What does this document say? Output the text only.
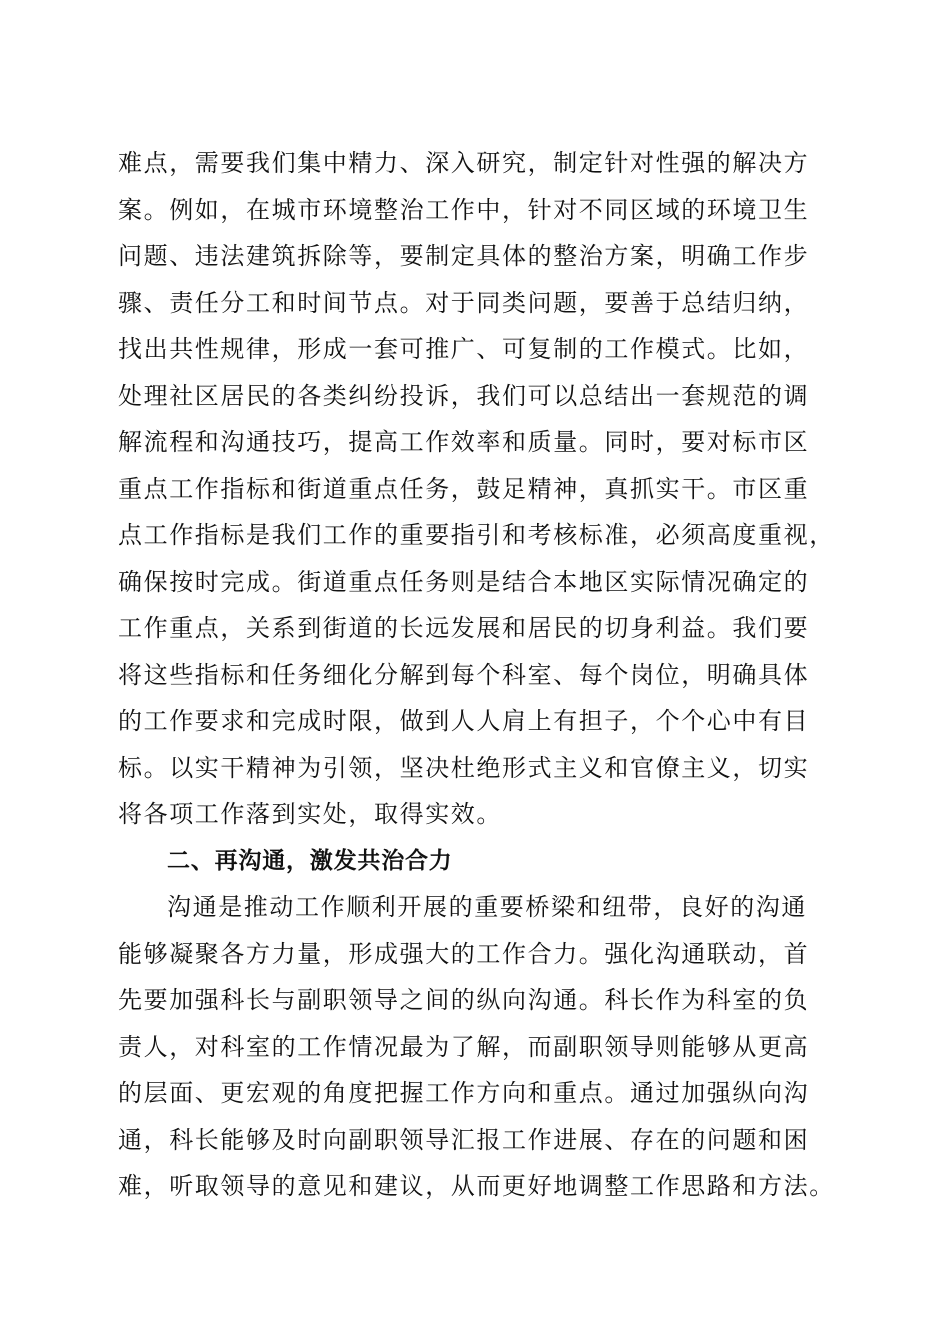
难点，需要我们集中精力、深入研究，制定针对性强的解决方
案。例如，在城市环境整治工作中，针对不同区域的环境卫生
问题、违法建筑拆除等，要制定具体的整治方案，明确工作步
骤、责任分工和时间节点。对于同类问题，要善于总结归纳，
找出共性规律，形成一套可推广、可复制的工作模式。比如，
处理社区居民的各类纠纷投诉，我们可以总结出一套规范的调
解流程和沟通技巧，提高工作效率和质量。同时，要对标市区
重点工作指标和街道重点任务，鼓足精神，真抓实干。市区重
点工作指标是我们工作的重要指引和考核标准，必须高度重视，
确保按时完成。街道重点任务则是结合本地区实际情况确定的
工作重点，关系到街道的长远发展和居民的切身利益。我们要
将这些指标和任务细化分解到每个科室、每个岗位，明确具体
的工作要求和完成时限，做到人人肩上有担子，个个心中有目
标。以实干精神为引领，坚决杜绝形式主义和官僚主义，切实
将各项工作落到实处，取得实效。
二、再沟通，激发共治合力
沟通是推动工作顺利开展的重要桥梁和纽带，良好的沟通
能够凝聚各方力量，形成强大的工作合力。强化沟通联动，首
先要加强科长与副职领导之间的纵向沟通。科长作为科室的负
责人，对科室的工作情况最为了解，而副职领导则能够从更高
的层面、更宏观的角度把握工作方向和重点。通过加强纵向沟
通，科长能够及时向副职领导汇报工作进展、存在的问题和困
难，听取领导的意见和建议，从而更好地调整工作思路和方法。
